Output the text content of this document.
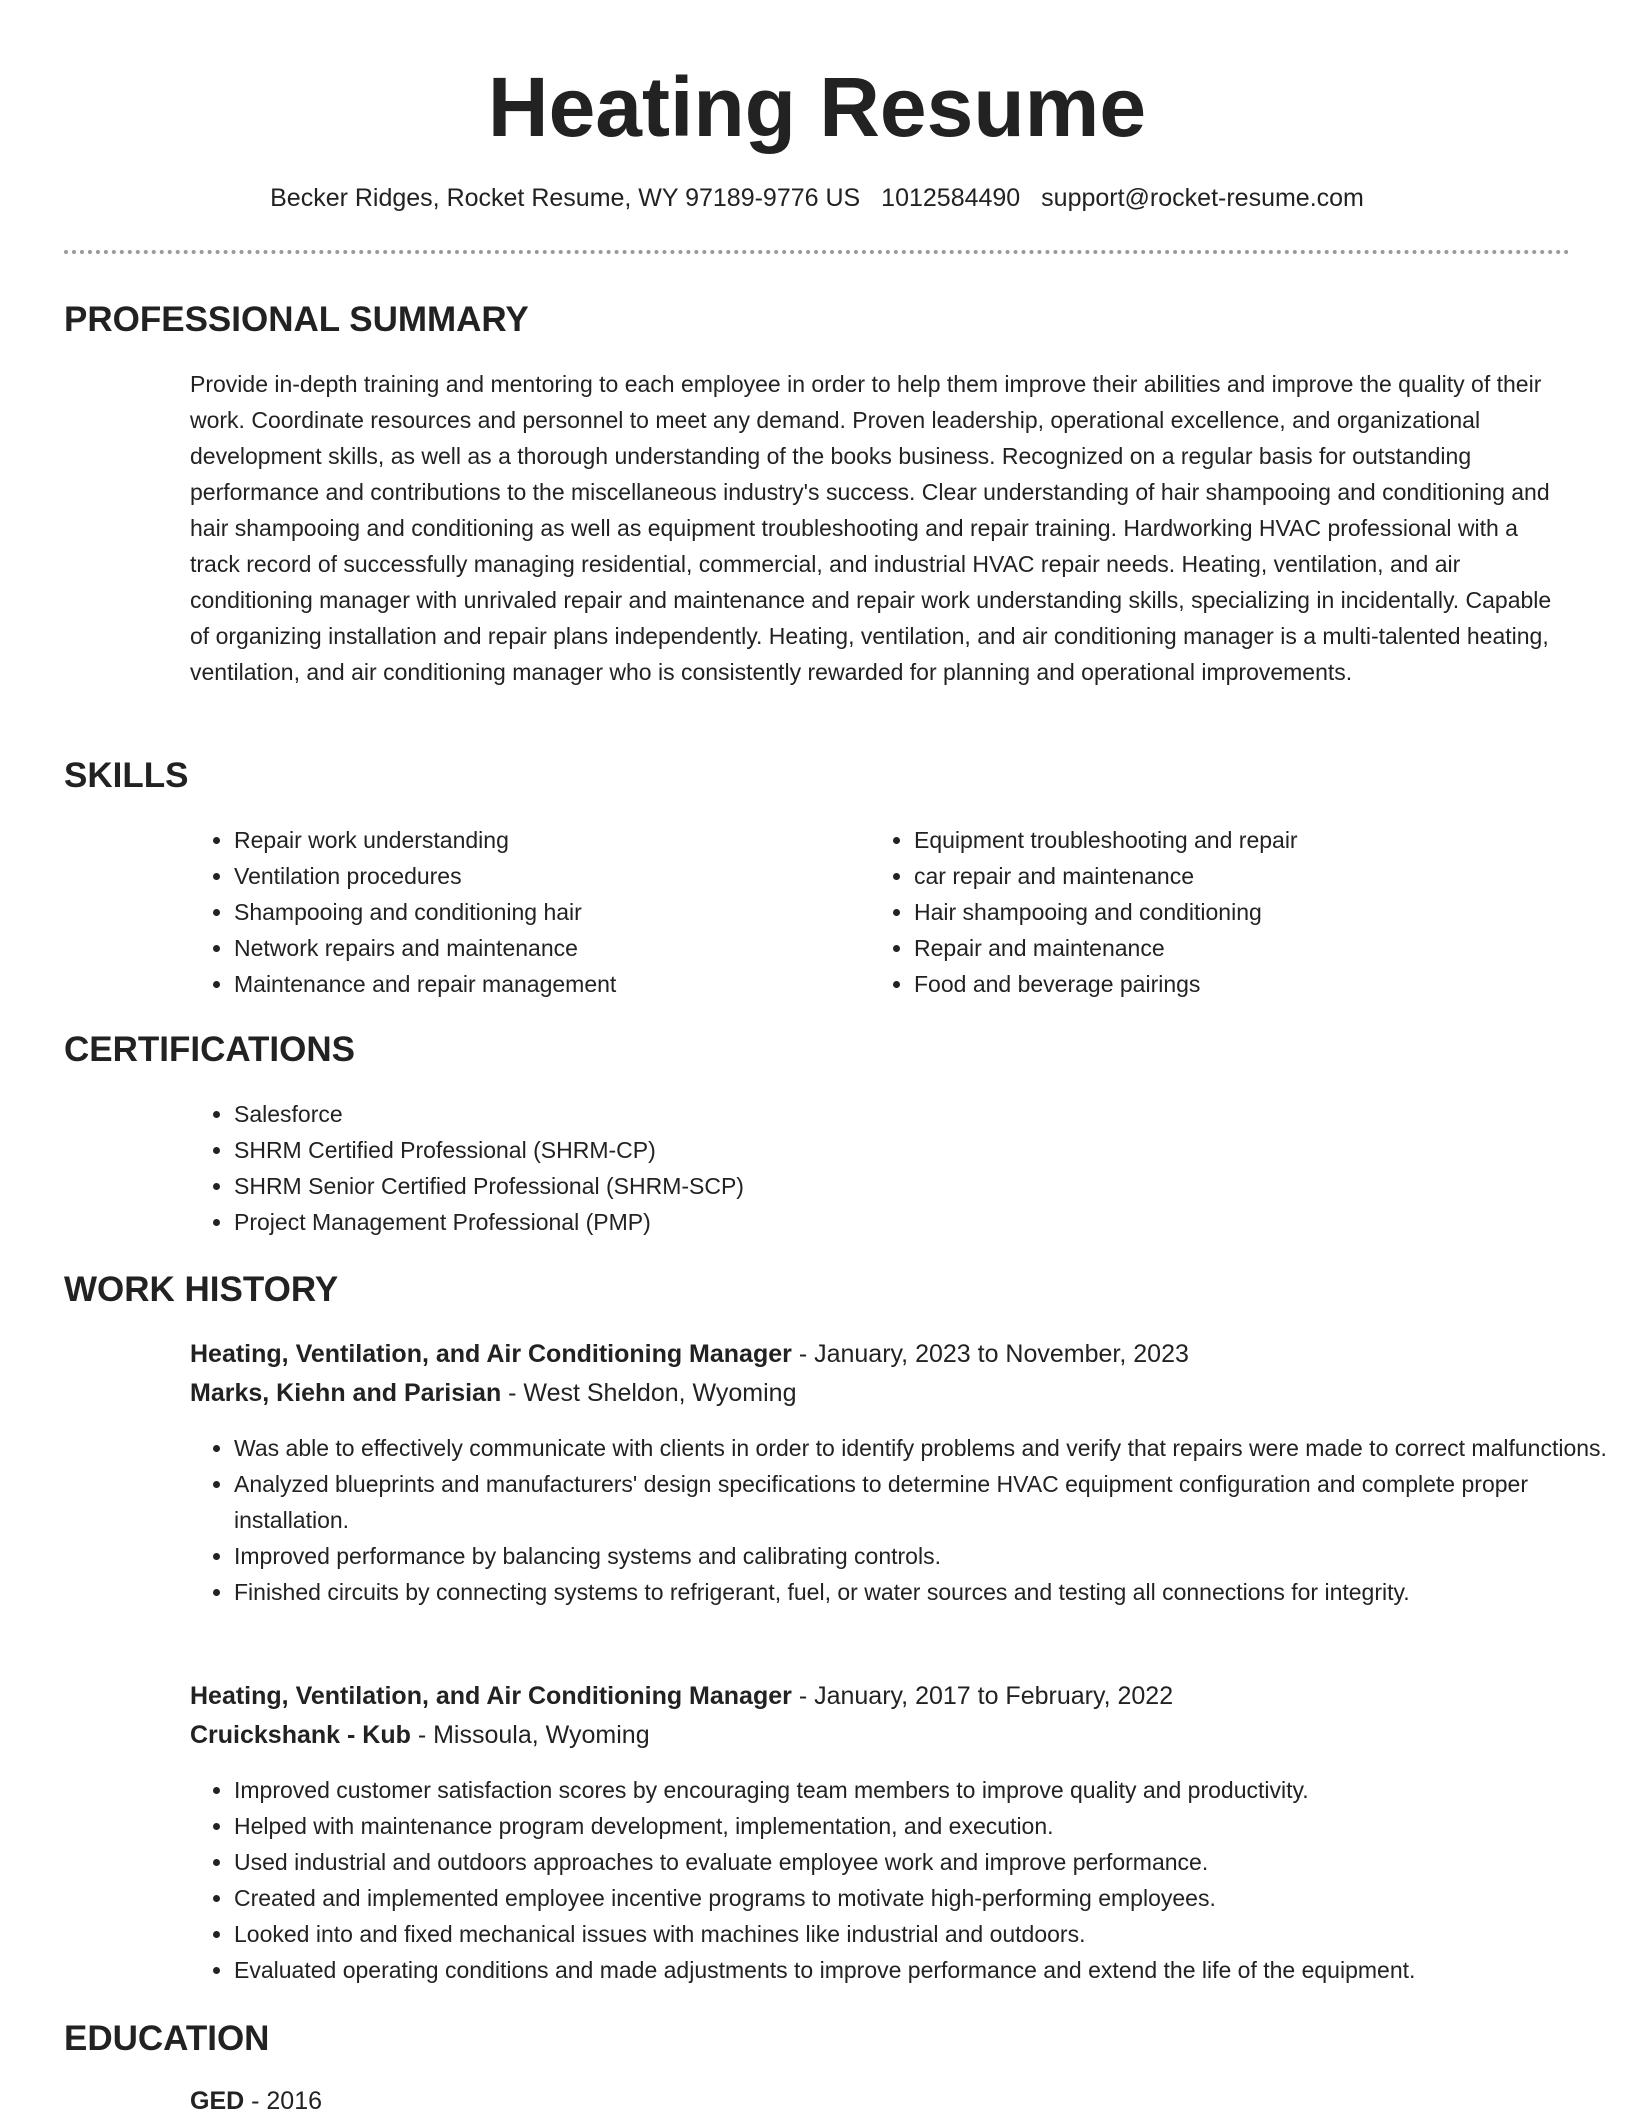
Heating Resume
Becker Ridges, Rocket Resume, WY 97189-9776 US 1012584490 support@rocket-resume.com
PROFESSIONAL SUMMARY

Provide in-depth training and mentoring to each employee in order to help them improve their abilities and improve the quality of their work. Coordinate resources and personnel to meet any demand. Proven leadership, operational excellence, and organizational development skills, as well as a thorough understanding of the books business. Recognized on a regular basis for outstanding performance and contributions to the miscellaneous industry's success. Clear understanding of hair shampooing and conditioning and hair shampooing and conditioning as well as equipment troubleshooting and repair training. Hardworking HVAC professional with a track record of successfully managing residential, commercial, and industrial HVAC repair needs. Heating, ventilation, and air conditioning manager with unrivaled repair and maintenance and repair work understanding skills, specializing in incidentally. Capable of organizing installation and repair plans independently. Heating, ventilation, and air conditioning manager is a multi-talented heating, ventilation, and air conditioning manager who is consistently rewarded for planning and operational improvements.

SKILLS
• Repair work understanding
• Ventilation procedures
• Shampooing and conditioning hair
• Network repairs and maintenance
• Maintenance and repair management
• Equipment troubleshooting and repair
• car repair and maintenance
• Hair shampooing and conditioning
• Repair and maintenance
• Food and beverage pairings
CERTIFICATIONS
• Salesforce
• SHRM Certified Professional (SHRM-CP)
• SHRM Senior Certified Professional (SHRM-SCP)
• Project Management Professional (PMP)
WORK HISTORY
Heating, Ventilation, and Air Conditioning Manager - January, 2023 to November, 2023
Marks, Kiehn and Parisian - West Sheldon, Wyoming
• Was able to effectively communicate with clients in order to identify problems and verify that repairs were made to correct malfunctions.
• Analyzed blueprints and manufacturers' design specifications to determine HVAC equipment configuration and complete proper installation.
• Improved performance by balancing systems and calibrating controls.
• Finished circuits by connecting systems to refrigerant, fuel, or water sources and testing all connections for integrity.
Heating, Ventilation, and Air Conditioning Manager - January, 2017 to February, 2022
Cruickshank - Kub - Missoula, Wyoming
• Improved customer satisfaction scores by encouraging team members to improve quality and productivity.
• Helped with maintenance program development, implementation, and execution.
• Used industrial and outdoors approaches to evaluate employee work and improve performance.
• Created and implemented employee incentive programs to motivate high-performing employees.
• Looked into and fixed mechanical issues with machines like industrial and outdoors.
• Evaluated operating conditions and made adjustments to improve performance and extend the life of the equipment.
EDUCATION
GED - 2016
